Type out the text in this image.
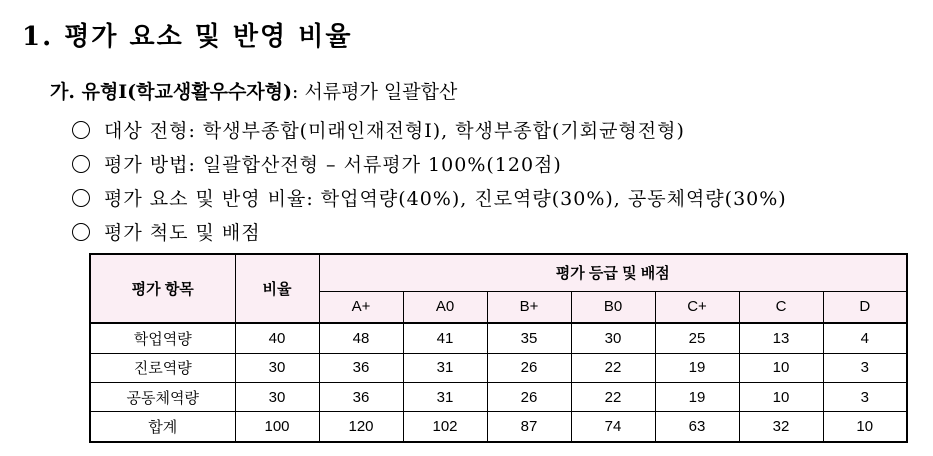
1. 평가 요소 및 반영 비율
가. 유형Ⅰ(학교생활우수자형): 서류평가 일괄합산
대상 전형: 학생부종합(미래인재전형Ⅰ), 학생부종합(기회균형전형)
평가 방법: 일괄합산전형 – 서류평가 100%(120점)
평가 요소 및 반영 비율: 학업역량(40%), 진로역량(30%), 공동체역량(30%)
평가 척도 및 배점
평가 항목	비율	평가 등급 및 배점						
		A+	A0	B+	B0	C+	C	D
학업역량	40	48	41	35	30	25	13	4
진로역량	30	36	31	26	22	19	10	3
공동체역량	30	36	31	26	22	19	10	3
합계	100	120	102	87	74	63	32	10
